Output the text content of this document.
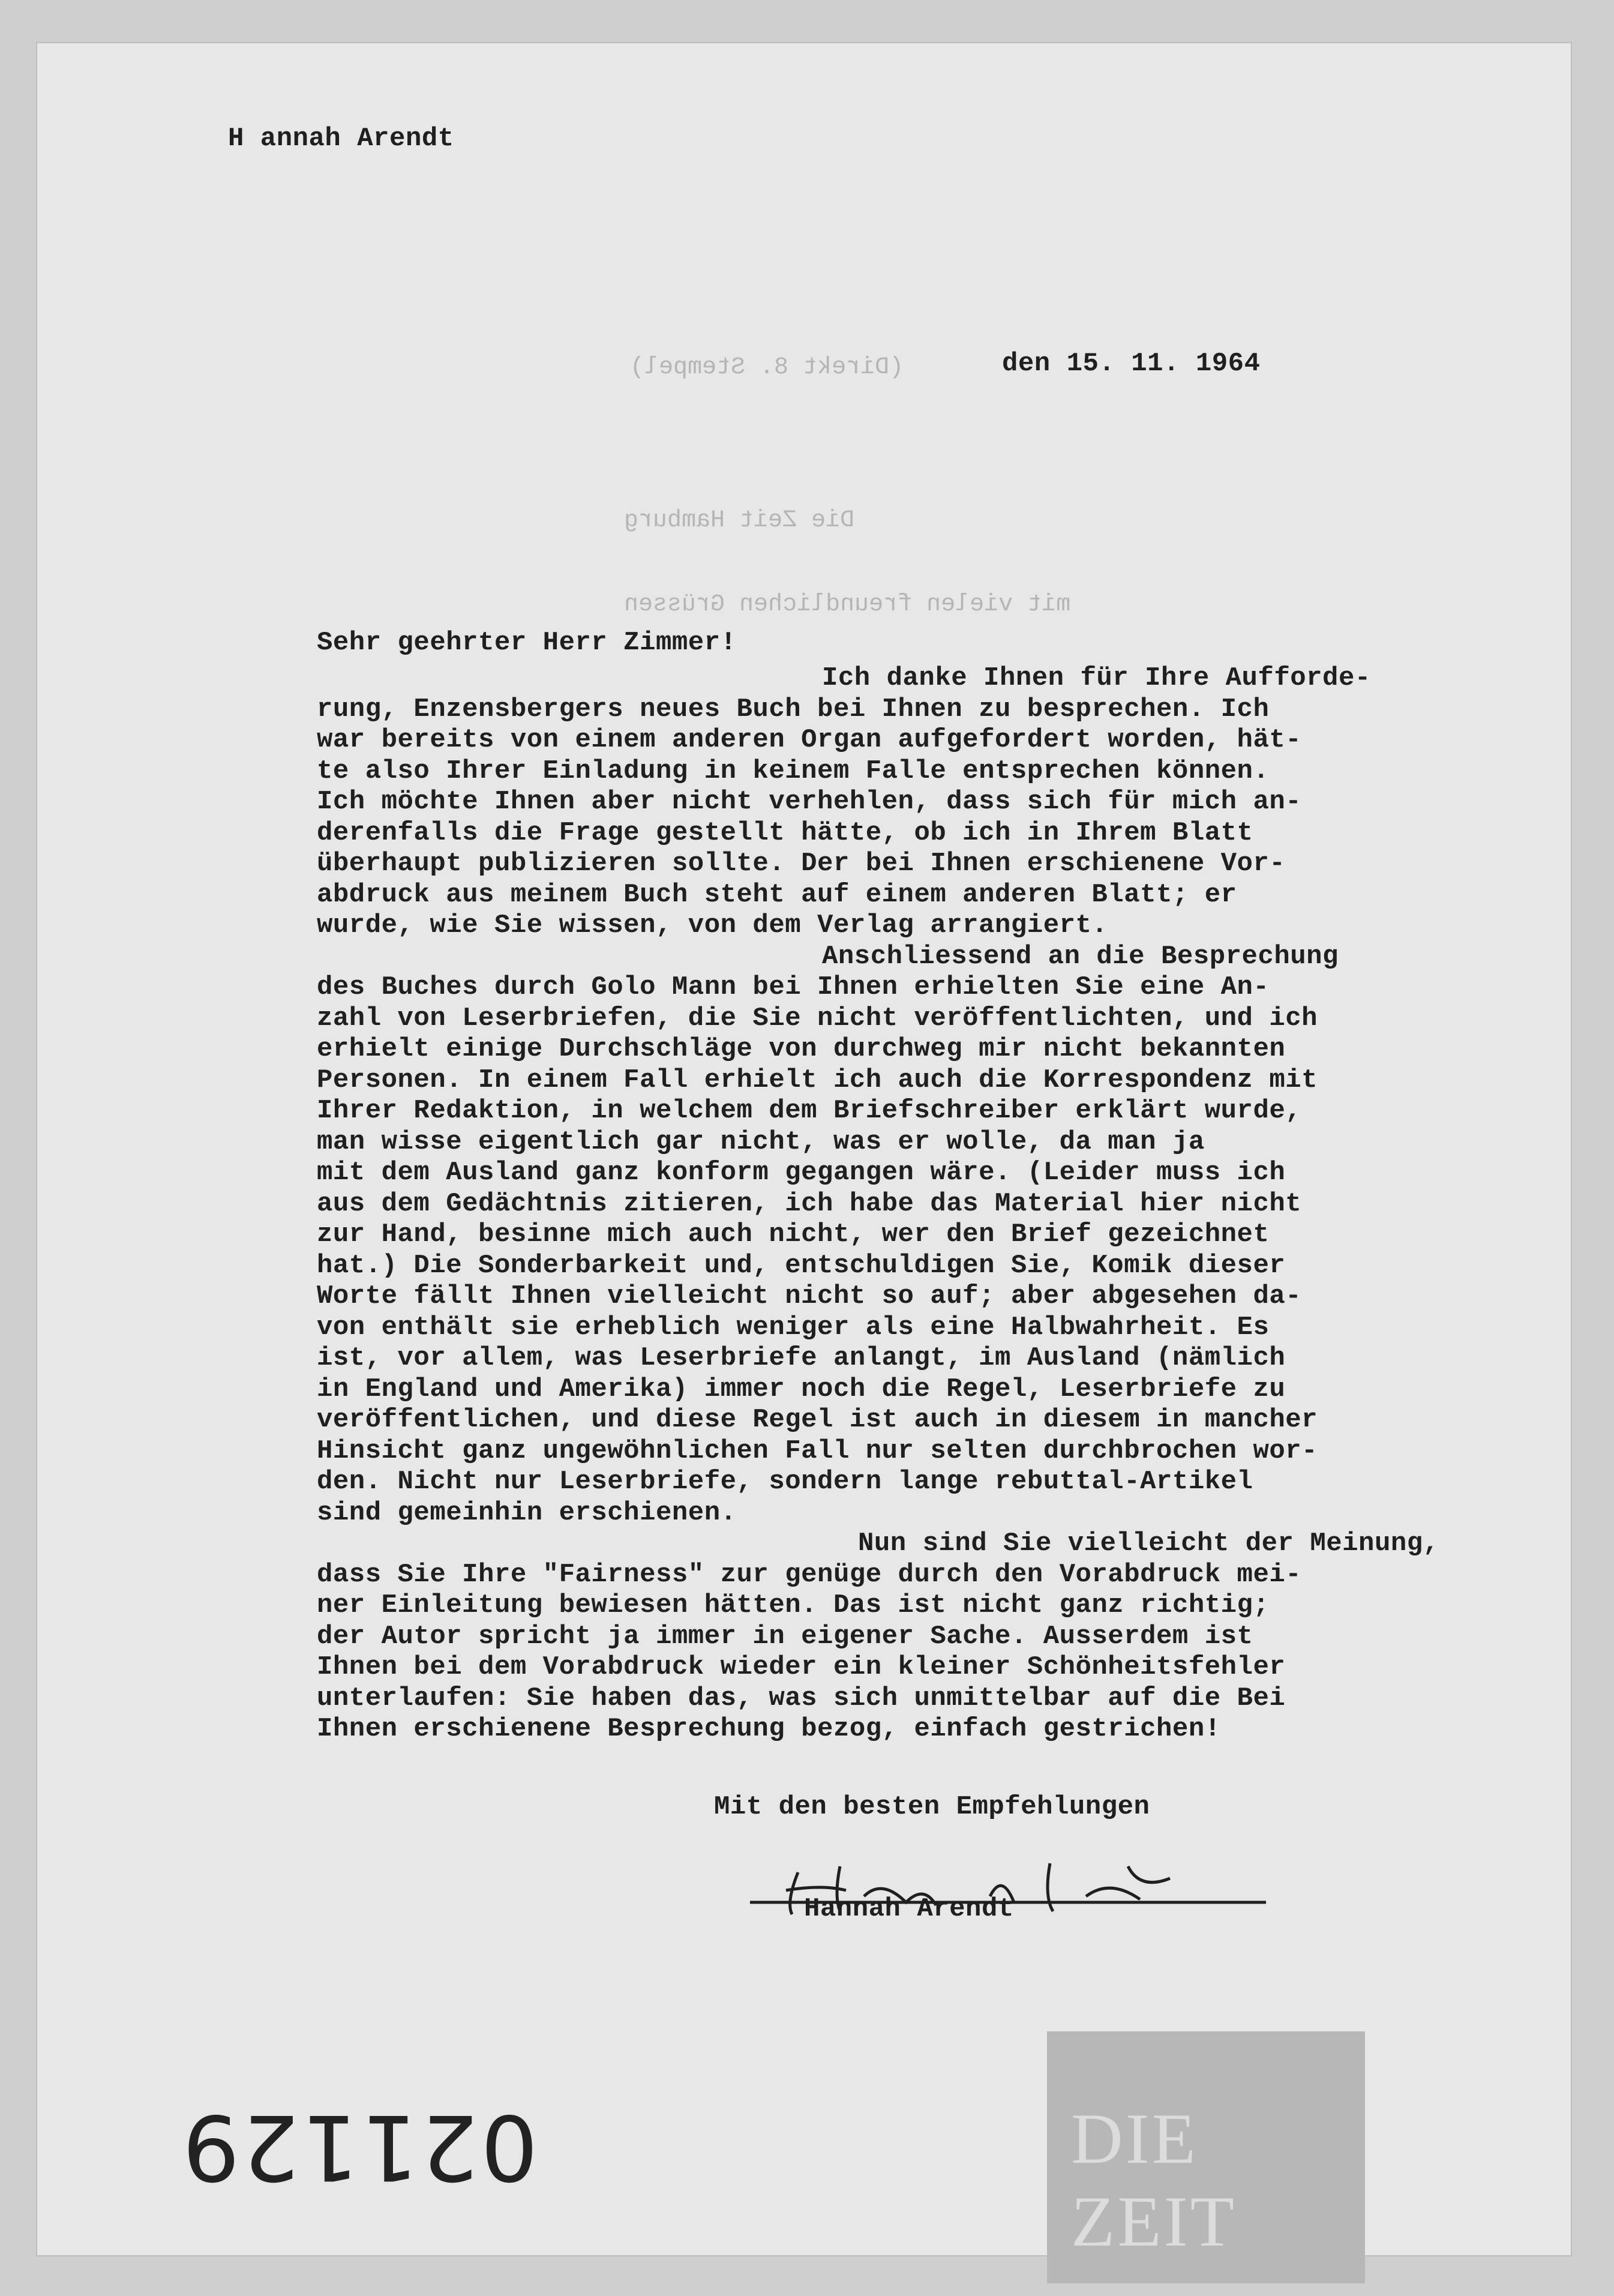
(Direkt 8. Stempel)
Die Zeit Hamburg
mit vielen freundlichen Grüssen
H annah Arendt
den 15. 11. 1964
Sehr geehrter Herr Zimmer!
Ich danke Ihnen für Ihre Aufforde-
rung, Enzensbergers neues Buch bei Ihnen zu besprechen. Ich
war bereits von einem anderen Organ aufgefordert worden, hät-
te also Ihrer Einladung in keinem Falle entsprechen können.
Ich möchte Ihnen aber nicht verhehlen, dass sich für mich an-
derenfalls die Frage gestellt hätte, ob ich in Ihrem Blatt
überhaupt publizieren sollte. Der bei Ihnen erschienene Vor-
abdruck aus meinem Buch steht auf einem anderen Blatt; er
wurde, wie Sie wissen, von dem Verlag arrangiert.
Anschliessend an die Besprechung
des Buches durch Golo Mann bei Ihnen erhielten Sie eine An-
zahl von Leserbriefen, die Sie nicht veröffentlichten, und ich
erhielt einige Durchschläge von durchweg mir nicht bekannten
Personen. In einem Fall erhielt ich auch die Korrespondenz mit
Ihrer Redaktion, in welchem dem Briefschreiber erklärt wurde,
man wisse eigentlich gar nicht, was er wolle, da man ja
mit dem Ausland ganz konform gegangen wäre. (Leider muss ich
aus dem Gedächtnis zitieren, ich habe das Material hier nicht
zur Hand, besinne mich auch nicht, wer den Brief gezeichnet
hat.) Die Sonderbarkeit und, entschuldigen Sie, Komik dieser
Worte fällt Ihnen vielleicht nicht so auf; aber abgesehen da-
von enthält sie erheblich weniger als eine Halbwahrheit. Es
ist, vor allem, was Leserbriefe anlangt, im Ausland (nämlich
in England und Amerika) immer noch die Regel, Leserbriefe zu
veröffentlichen, und diese Regel ist auch in diesem in mancher
Hinsicht ganz ungewöhnlichen Fall nur selten durchbrochen wor-
den. Nicht nur Leserbriefe, sondern lange rebuttal-Artikel
sind gemeinhin erschienen.
Nun sind Sie vielleicht der Meinung,
dass Sie Ihre "Fairness" zur genüge durch den Vorabdruck mei-
ner Einleitung bewiesen hätten. Das ist nicht ganz richtig;
der Autor spricht ja immer in eigener Sache. Ausserdem ist
Ihnen bei dem Vorabdruck wieder ein kleiner Schönheitsfehler
unterlaufen: Sie haben das, was sich unmittelbar auf die Bei
Ihnen erschienene Besprechung bezog, einfach gestrichen!
Mit den besten Empfehlungen
Hannah Arendt
021129	DIE ZEIT
